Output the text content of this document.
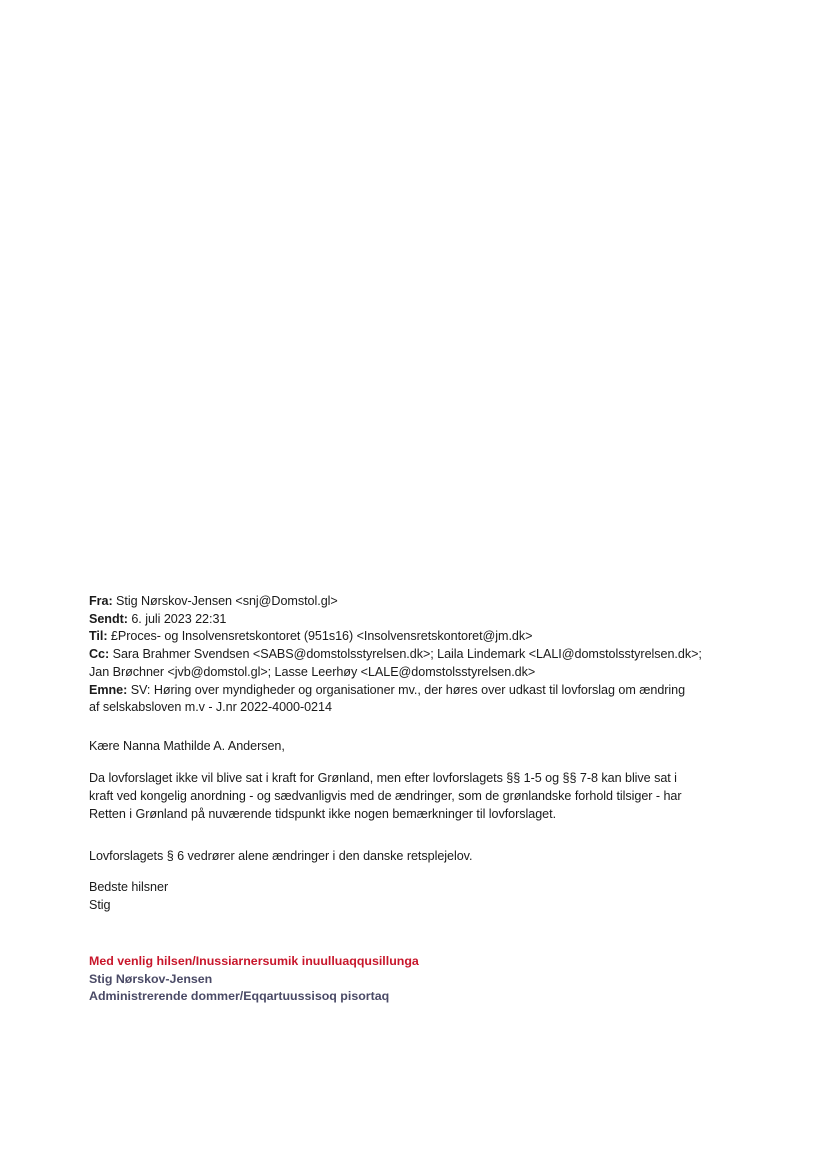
Fra: Stig Nørskov-Jensen <snj@Domstol.gl>
Sendt: 6. juli 2023 22:31
Til: £Proces- og Insolvensretskontoret (951s16) <Insolvensretskontoret@jm.dk>
Cc: Sara Brahmer Svendsen <SABS@domstolsstyrelsen.dk>; Laila Lindemark <LALI@domstolsstyrelsen.dk>;
Jan Brøchner <jvb@domstol.gl>; Lasse Leerhøy <LALE@domstolsstyrelsen.dk>
Emne: SV: Høring over myndigheder og organisationer mv., der høres over udkast til lovforslag om ændring
af selskabsloven m.v - J.nr 2022-4000-0214
Kære Nanna Mathilde A. Andersen,
Da lovforslaget ikke vil blive sat i kraft for Grønland, men efter lovforslagets §§ 1-5 og §§ 7-8 kan blive sat i
kraft ved kongelig anordning - og sædvanligvis med de ændringer, som de grønlandske forhold tilsiger - har
Retten i Grønland på nuværende tidspunkt ikke nogen bemærkninger til lovforslaget.
Lovforslagets § 6 vedrører alene ændringer i den danske retsplejelov.
Bedste hilsner
Stig
Med venlig hilsen/Inussiarnersumik inuulluaqqusillunga
Stig Nørskov-Jensen
Administrerende dommer/Eqqartuussisoq pisortaq
